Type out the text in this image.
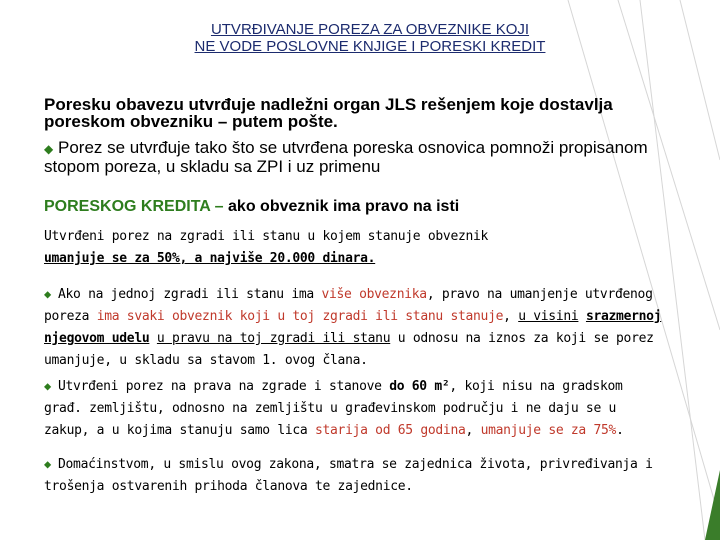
UTVRĐIVANJE POREZA ZA OBVEZNIKE KOJI
NE VODE POSLOVNE KNJIGE I PORESKI KREDIT
Poresku obavezu utvrđuje nadležni organ JLS rešenjem koje dostavlja poreskom obvezniku – putem pošte.
◆ Porez se utvrđuje tako što se utvrđena poreska osnovica pomnoži propisanom stopom poreza, u skladu sa ZPI i uz primenu
PORESKOG KREDITA – ako obveznik ima pravo na isti
Utvrđeni porez na zgradi ili stanu u kojem stanuje obveznik
umanjuje se za 50%, a najviše 20.000 dinara.
◆ Ako na jednoj zgradi ili stanu ima više obveznika, pravo na umanjenje utvrđenog poreza ima svaki obveznik koji u toj zgradi ili stanu stanuje, u visini srazmernoj njegovom udelu u pravu na toj zgradi ili stanu u odnosu na iznos za koji se porez umanjuje, u skladu sa stavom 1. ovog člana.
◆ Utvrđeni porez na prava na zgrade i stanove do 60 m², koji nisu na gradskom građ. zemljištu, odnosno na zemljištu u građevinskom području i ne daju se u zakup, a u kojima stanuju samo lica starija od 65 godina, umanjuje se za 75%.
◆ Domaćinstvom, u smislu ovog zakona, smatra se zajednica života, privređivanja i trošenja ostvarenih prihoda članova te zajednice.
